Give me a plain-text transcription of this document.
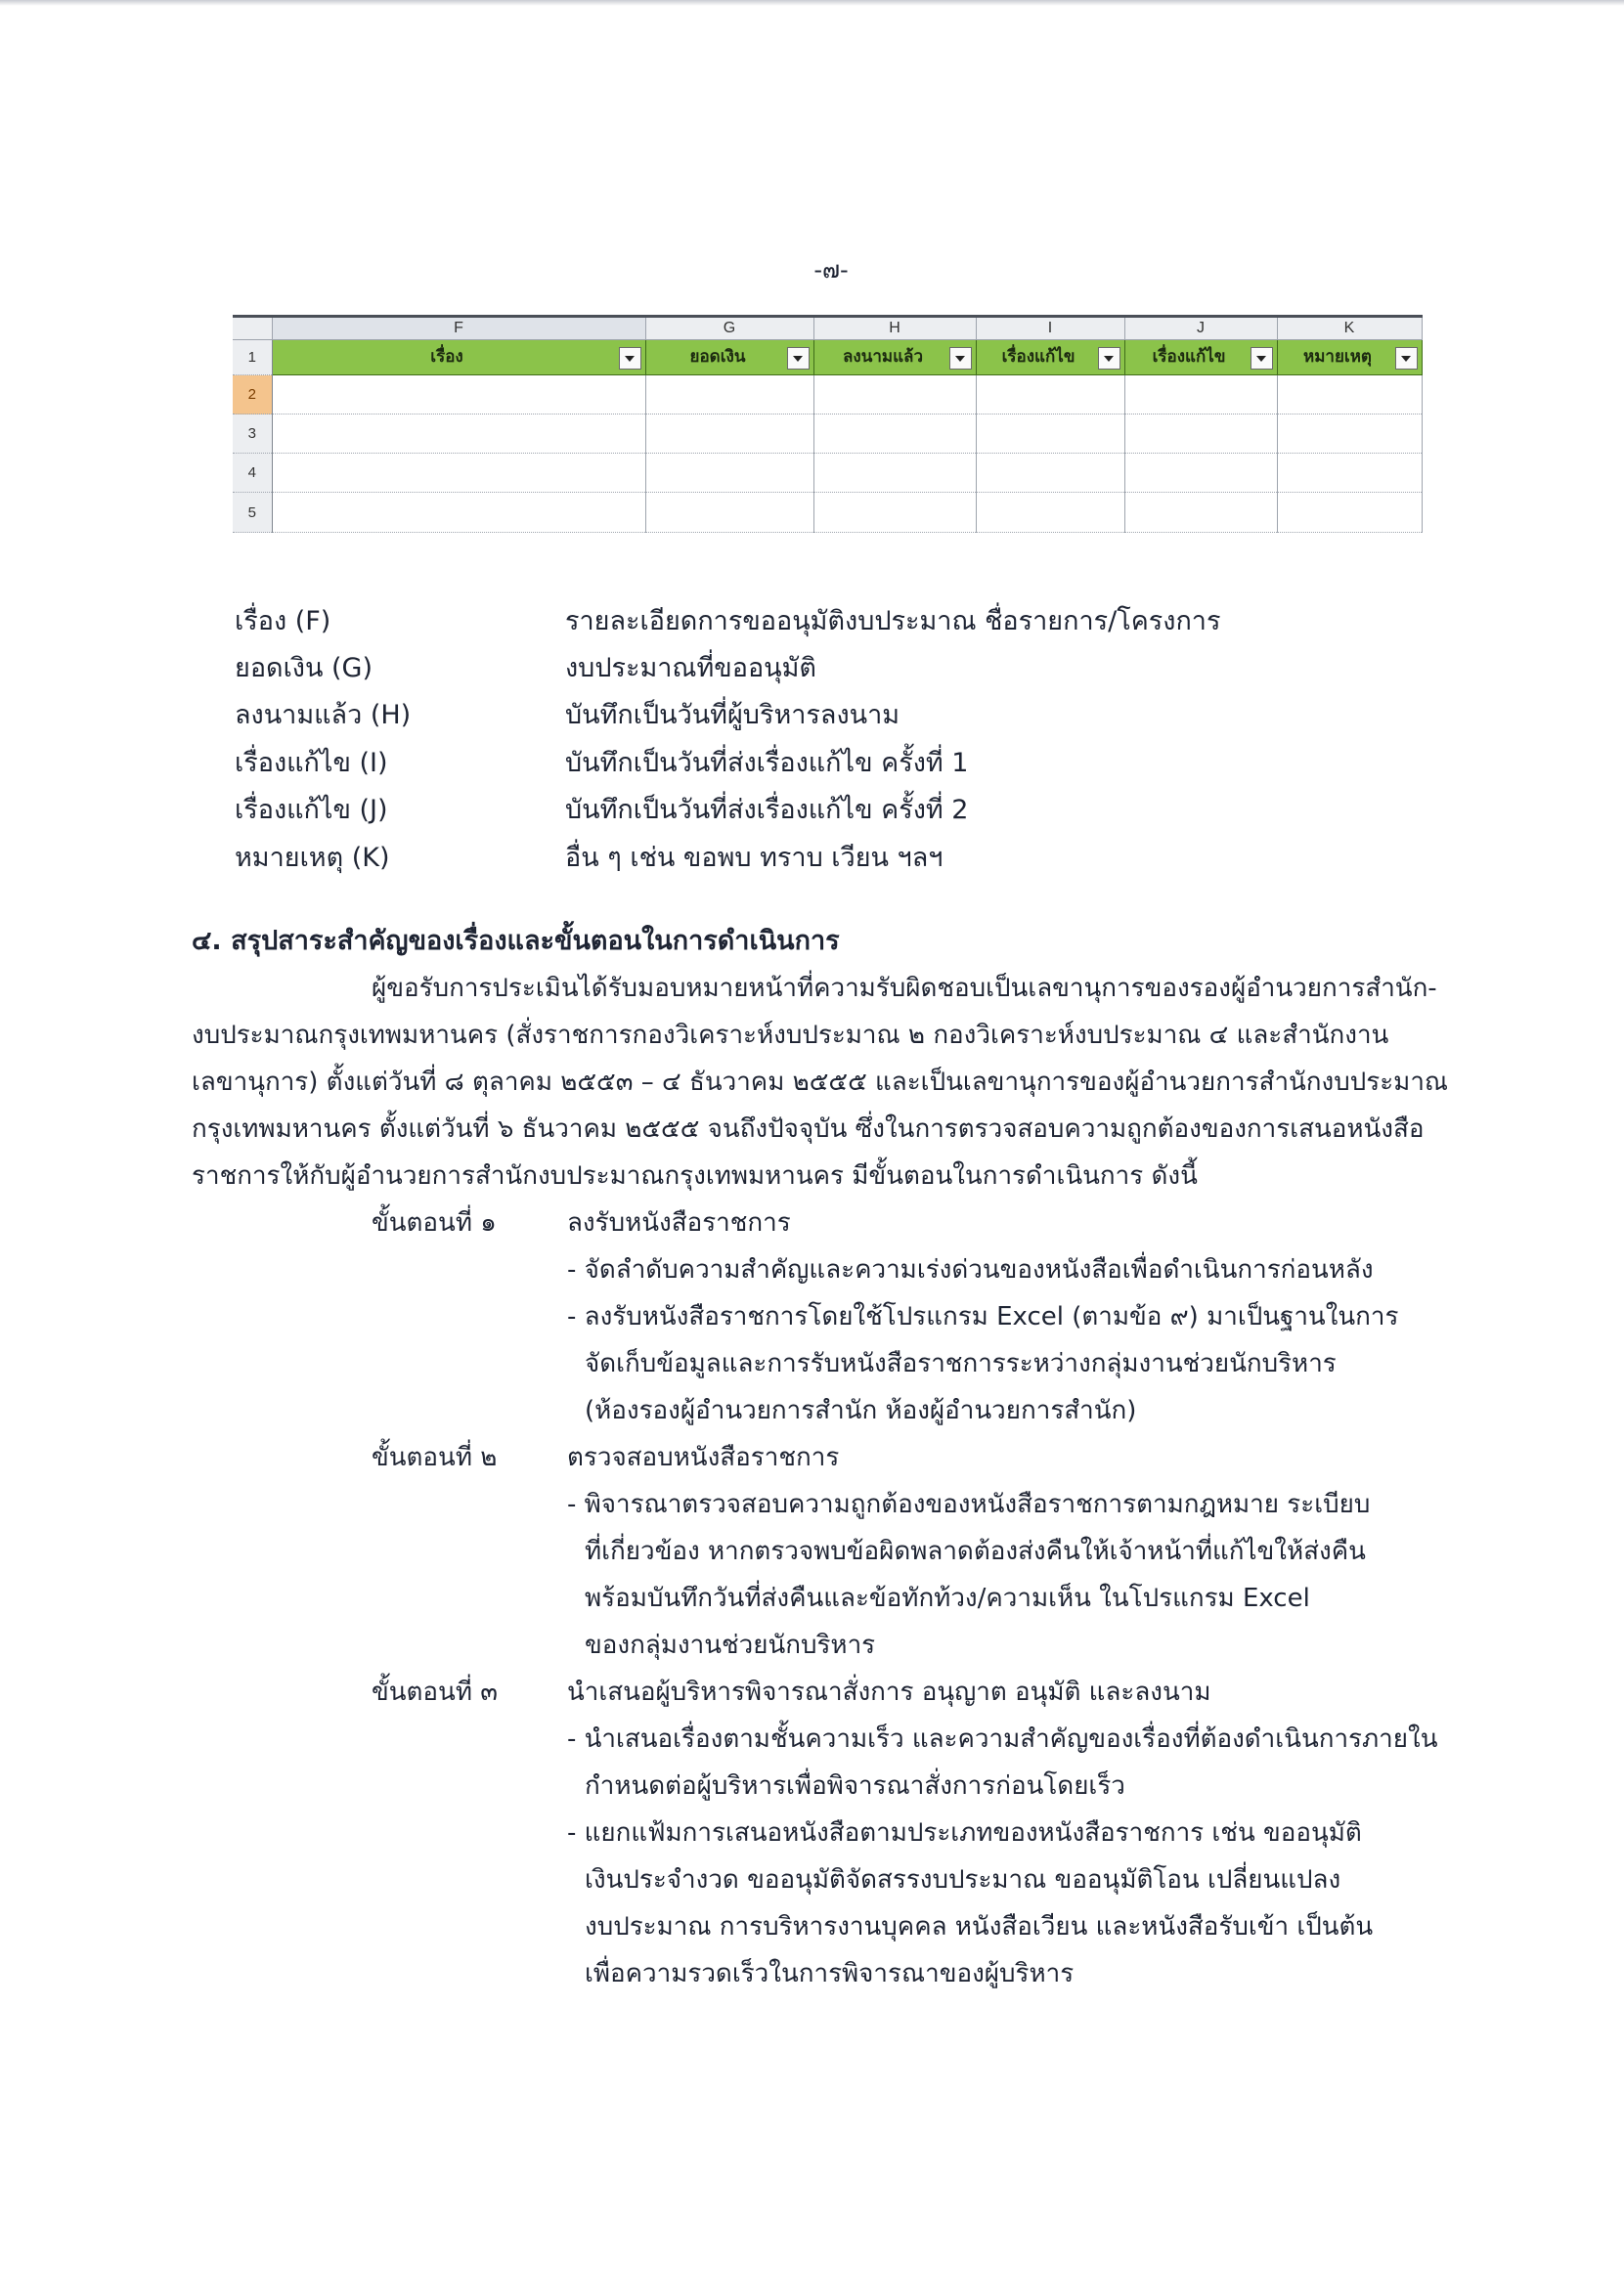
-๗-
	F	G	H	I	J	K
1	เรื่อง	ยอดเงิน	ลงนามแล้ว	เรื่องแก้ไข	เรื่องแก้ไข	หมายเหตุ

2						
3						
4						
5						
เรื่อง (F)	รายละเอียดการขออนุมัติงบประมาณ ชื่อรายการ/โครงการ
ยอดเงิน (G)	งบประมาณที่ขออนุมัติ
ลงนามแล้ว (H)	บันทึกเป็นวันที่ผู้บริหารลงนาม
เรื่องแก้ไข (I)	บันทึกเป็นวันที่ส่งเรื่องแก้ไข ครั้งที่ 1
เรื่องแก้ไข (J)	บันทึกเป็นวันที่ส่งเรื่องแก้ไข ครั้งที่ 2
หมายเหตุ (K)	อื่น ๆ เช่น ขอพบ ทราบ เวียน ฯลฯ
๔. สรุปสาระสำคัญของเรื่องและขั้นตอนในการดำเนินการ
ผู้ขอรับการประเมินได้รับมอบหมายหน้าที่ความรับผิดชอบเป็นเลขานุการของรองผู้อำนวยการสำนัก-
งบประมาณกรุงเทพมหานคร (สั่งราชการกองวิเคราะห์งบประมาณ ๒ กองวิเคราะห์งบประมาณ ๔ และสำนักงาน
เลขานุการ) ตั้งแต่วันที่ ๘ ตุลาคม ๒๕๕๓ – ๔ ธันวาคม ๒๕๕๕ และเป็นเลขานุการของผู้อำนวยการสำนักงบประมาณ
กรุงเทพมหานคร ตั้งแต่วันที่ ๖ ธันวาคม ๒๕๕๕ จนถึงปัจจุบัน ซึ่งในการตรวจสอบความถูกต้องของการเสนอหนังสือ
ราชการให้กับผู้อำนวยการสำนักงบประมาณกรุงเทพมหานคร มีขั้นตอนในการดำเนินการ ดังนี้
ขั้นตอนที่ ๑	ลงรับหนังสือราชการ
- จัดลำดับความสำคัญและความเร่งด่วนของหนังสือเพื่อดำเนินการก่อนหลัง
- ลงรับหนังสือราชการโดยใช้โปรแกรม Excel (ตามข้อ ๙) มาเป็นฐานในการ
จัดเก็บข้อมูลและการรับหนังสือราชการระหว่างกลุ่มงานช่วยนักบริหาร
(ห้องรองผู้อำนวยการสำนัก ห้องผู้อำนวยการสำนัก)
ขั้นตอนที่ ๒	ตรวจสอบหนังสือราชการ
- พิจารณาตรวจสอบความถูกต้องของหนังสือราชการตามกฎหมาย ระเบียบ
ที่เกี่ยวข้อง หากตรวจพบข้อผิดพลาดต้องส่งคืนให้เจ้าหน้าที่แก้ไขให้ส่งคืน
พร้อมบันทึกวันที่ส่งคืนและข้อทักท้วง/ความเห็น ในโปรแกรม Excel
ของกลุ่มงานช่วยนักบริหาร
ขั้นตอนที่ ๓	นำเสนอผู้บริหารพิจารณาสั่งการ อนุญาต อนุมัติ และลงนาม
- นำเสนอเรื่องตามชั้นความเร็ว และความสำคัญของเรื่องที่ต้องดำเนินการภายใน
กำหนดต่อผู้บริหารเพื่อพิจารณาสั่งการก่อนโดยเร็ว
- แยกแฟ้มการเสนอหนังสือตามประเภทของหนังสือราชการ เช่น ขออนุมัติ
เงินประจำงวด ขออนุมัติจัดสรรงบประมาณ ขออนุมัติโอน เปลี่ยนแปลง
งบประมาณ การบริหารงานบุคคล หนังสือเวียน และหนังสือรับเข้า เป็นต้น
เพื่อความรวดเร็วในการพิจารณาของผู้บริหาร
